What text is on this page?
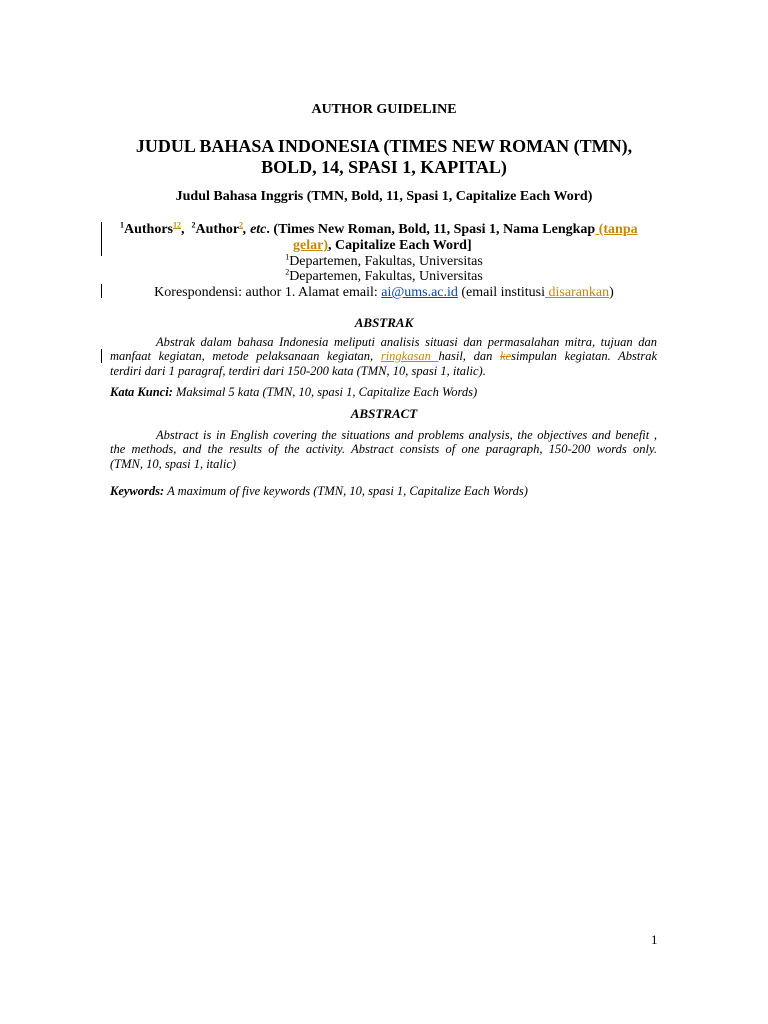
AUTHOR GUIDELINE
JUDUL BAHASA INDONESIA (TIMES NEW ROMAN (TMN),
BOLD, 14, SPASI 1, KAPITAL)
Judul Bahasa Inggris (TMN, Bold, 11, Spasi 1, Capitalize Each Word)
$^1$Authors$^{12}$, $^2$Author$^2$, etc. (Times New Roman, Bold, 11, Spasi 1, Nama Lengkap (tanpa
gelar), Capitalize Each Word]
$^1$Departemen, Fakultas, Universitas
$^2$Departemen, Fakultas, Universitas
Korespondensi: author 1. Alamat email: ai@ums.ac.id (email institusi disarankan)
ABSTRAK
Abstrak dalam bahasa Indonesia meliputi analisis situasi dan permasalahan mitra, tujuan dan
manfaat kegiatan, metode pelaksanaan kegiatan, ringkasan hasil, dan kesimpulan kegiatan. Abstrak
terdiri dari 1 paragraf, terdiri dari 150-200 kata (TMN, 10, spasi 1, italic).
Kata Kunci: Maksimal 5 kata (TMN, 10, spasi 1, Capitalize Each Words)
ABSTRACT
Abstract is in English covering the situations and problems analysis, the objectives and benefit ,
the methods, and the results of the activity. Abstract consists of one paragraph, 150-200 words only.
(TMN, 10, spasi 1, italic)
Keywords: A maximum of five keywords (TMN, 10, spasi 1, Capitalize Each Words)
1
